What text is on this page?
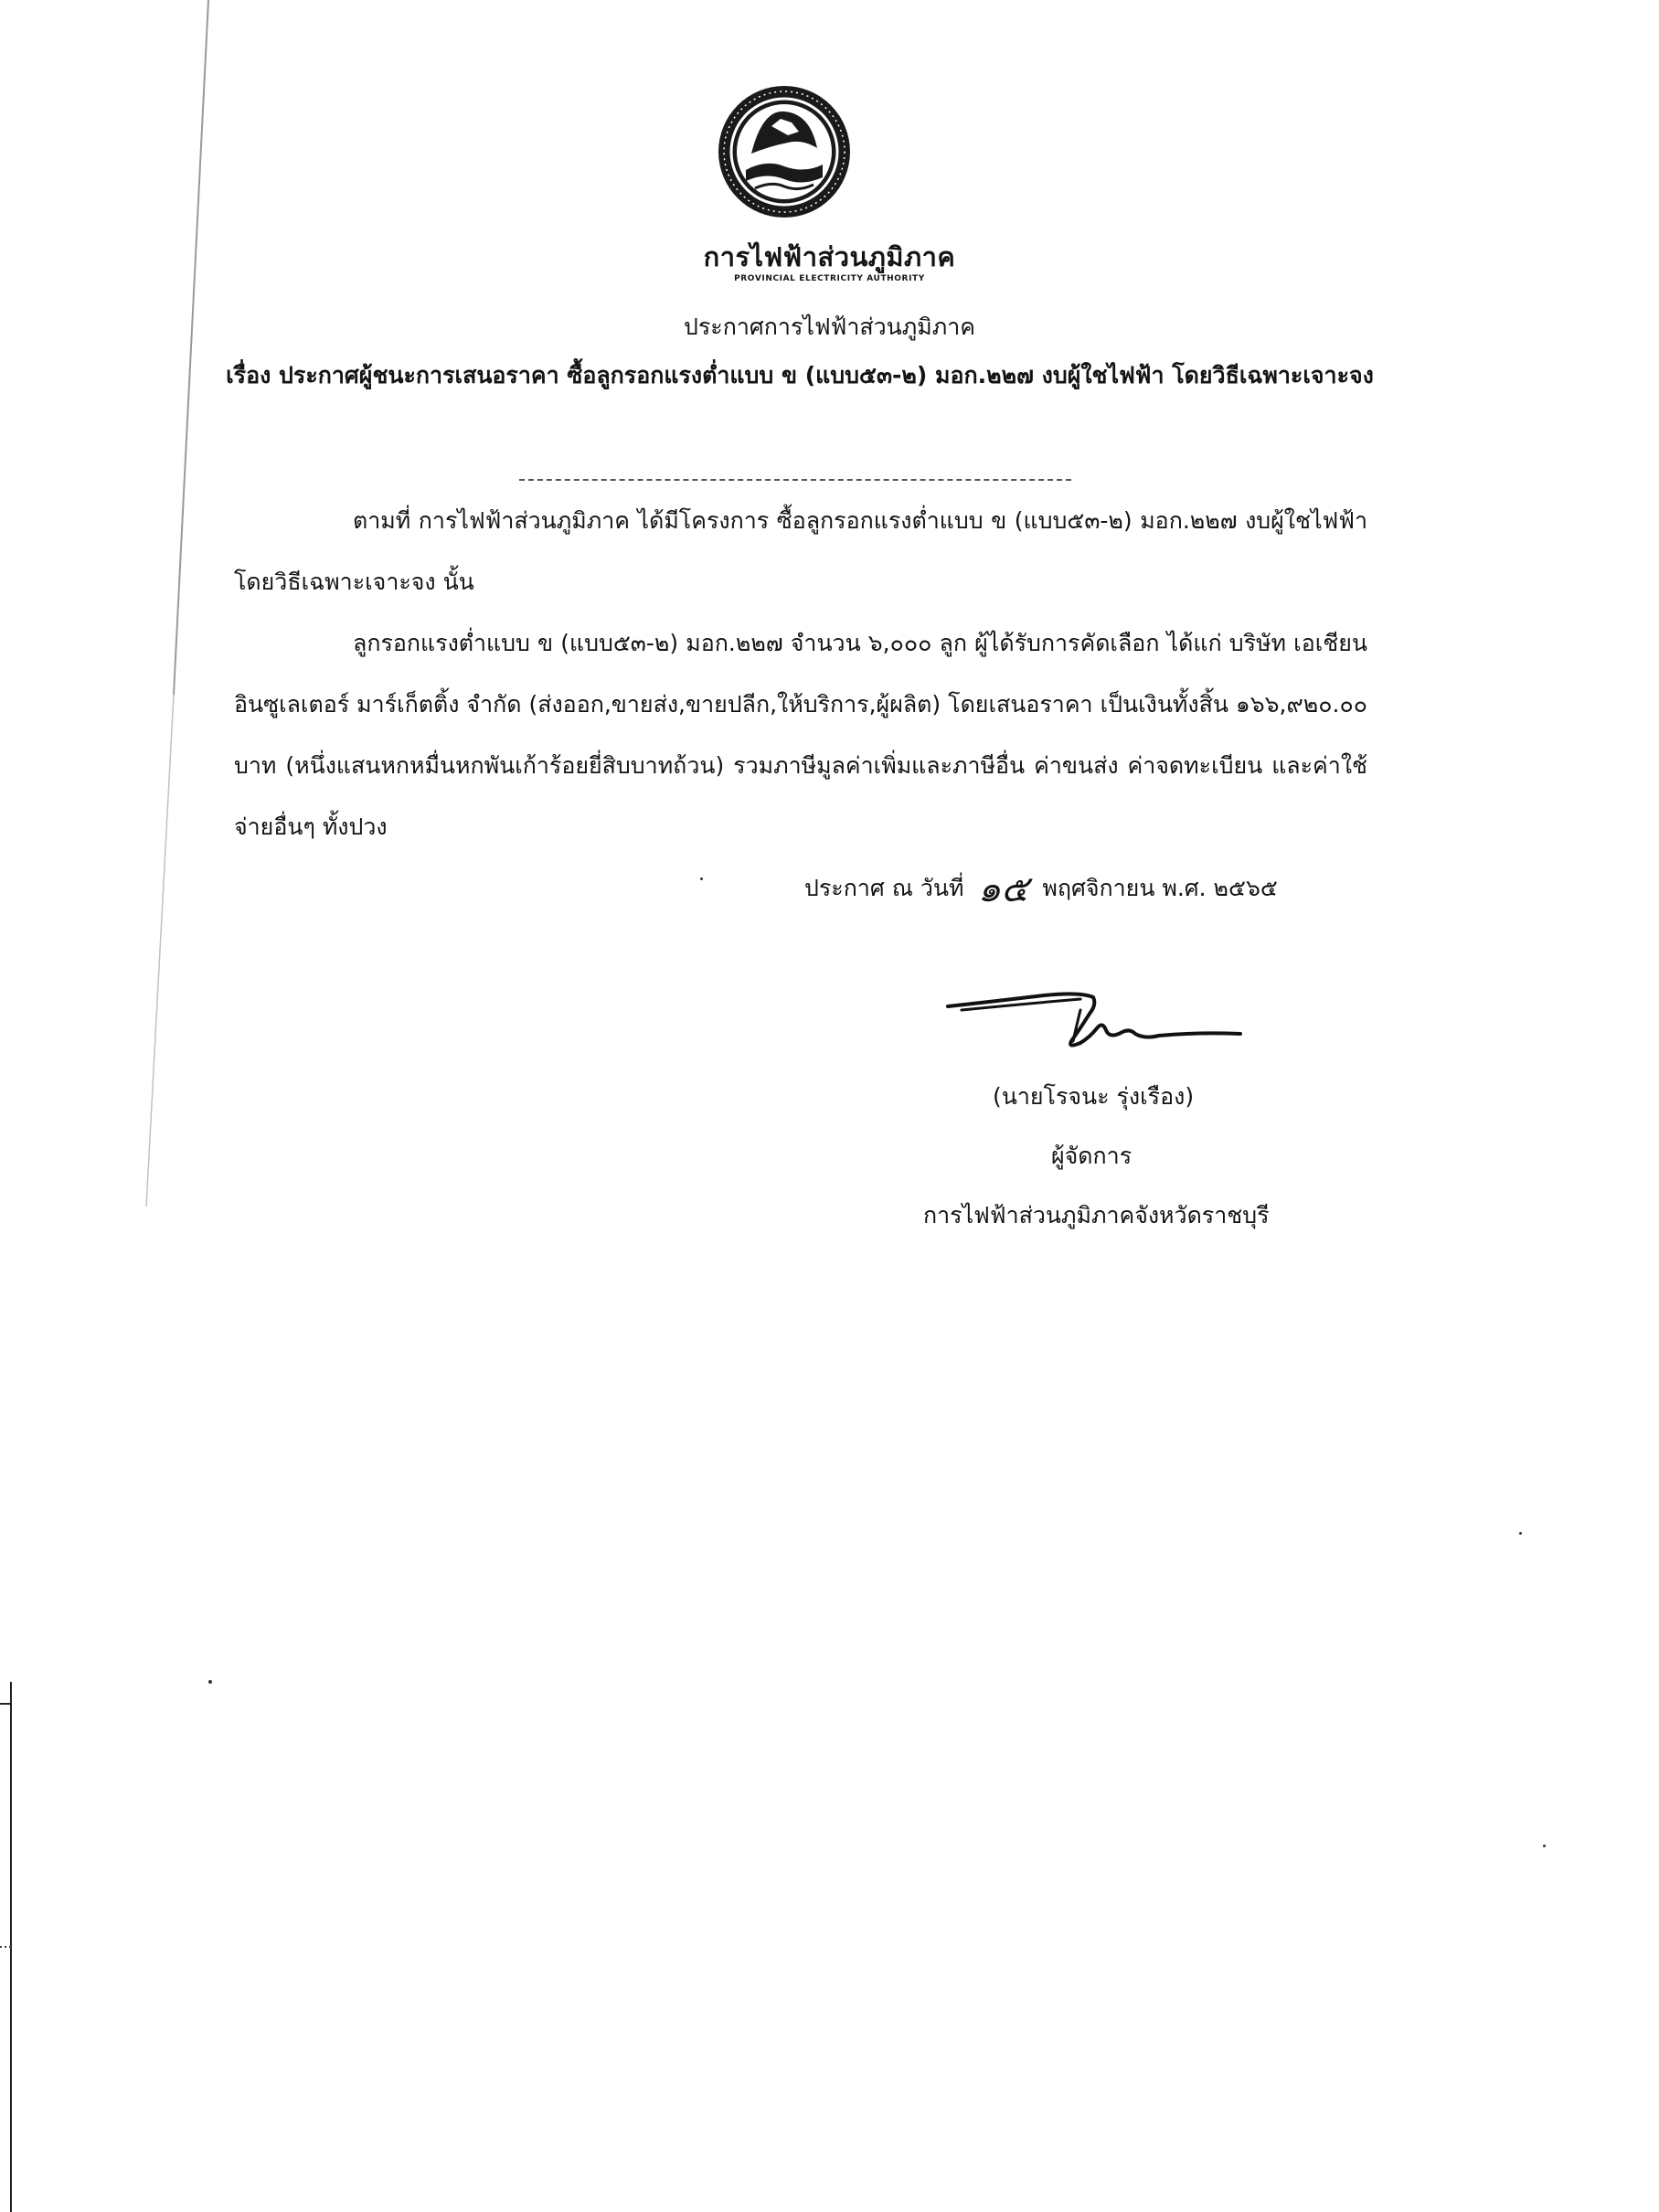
การไฟฟ้าส่วนภูมิภาค
PROVINCIAL ELECTRICITY AUTHORITY
ประกาศการไฟฟ้าส่วนภูมิภาค
เรื่อง ประกาศผู้ชนะการเสนอราคา ซื้อลูกรอกแรงต่ำแบบ ข (แบบ๕๓-๒) มอก.๒๒๗ งบผู้ใชไฟฟ้า โดยวิธีเฉพาะเจาะจง

ตามที่ การไฟฟ้าส่วนภูมิภาค ได้มีโครงการ ซื้อลูกรอกแรงต่ำแบบ ข (แบบ๕๓-๒) มอก.๒๒๗ งบผู้ใชไฟฟ้า โดยวิธีเฉพาะเจาะจง นั้น

ลูกรอกแรงต่ำแบบ ข (แบบ๕๓-๒) มอก.๒๒๗ จำนวน ๖,๐๐๐ ลูก ผู้ได้รับการคัดเลือก ได้แก่ บริษัท เอเชียน อินซูเลเตอร์ มาร์เก็ตติ้ง จำกัด (ส่งออก,ขายส่ง,ขายปลีก,ให้บริการ,ผู้ผลิต) โดยเสนอราคา เป็นเงินทั้งสิ้น ๑๖๖,๙๒๐.๐๐ บาท (หนึ่งแสนหกหมื่นหกพันเก้าร้อยยี่สิบบาทถ้วน) รวมภาษีมูลค่าเพิ่มและภาษีอื่น ค่าขนส่ง ค่าจดทะเบียน และค่าใช้จ่ายอื่นๆ ทั้งปวง

ประกาศ ณ วันที่ ๑๕ พฤศจิกายน พ.ศ. ๒๕๖๕
(นายโรจนะ รุ่งเรือง)
ผู้จัดการ
การไฟฟ้าส่วนภูมิภาคจังหวัดราชบุรี
